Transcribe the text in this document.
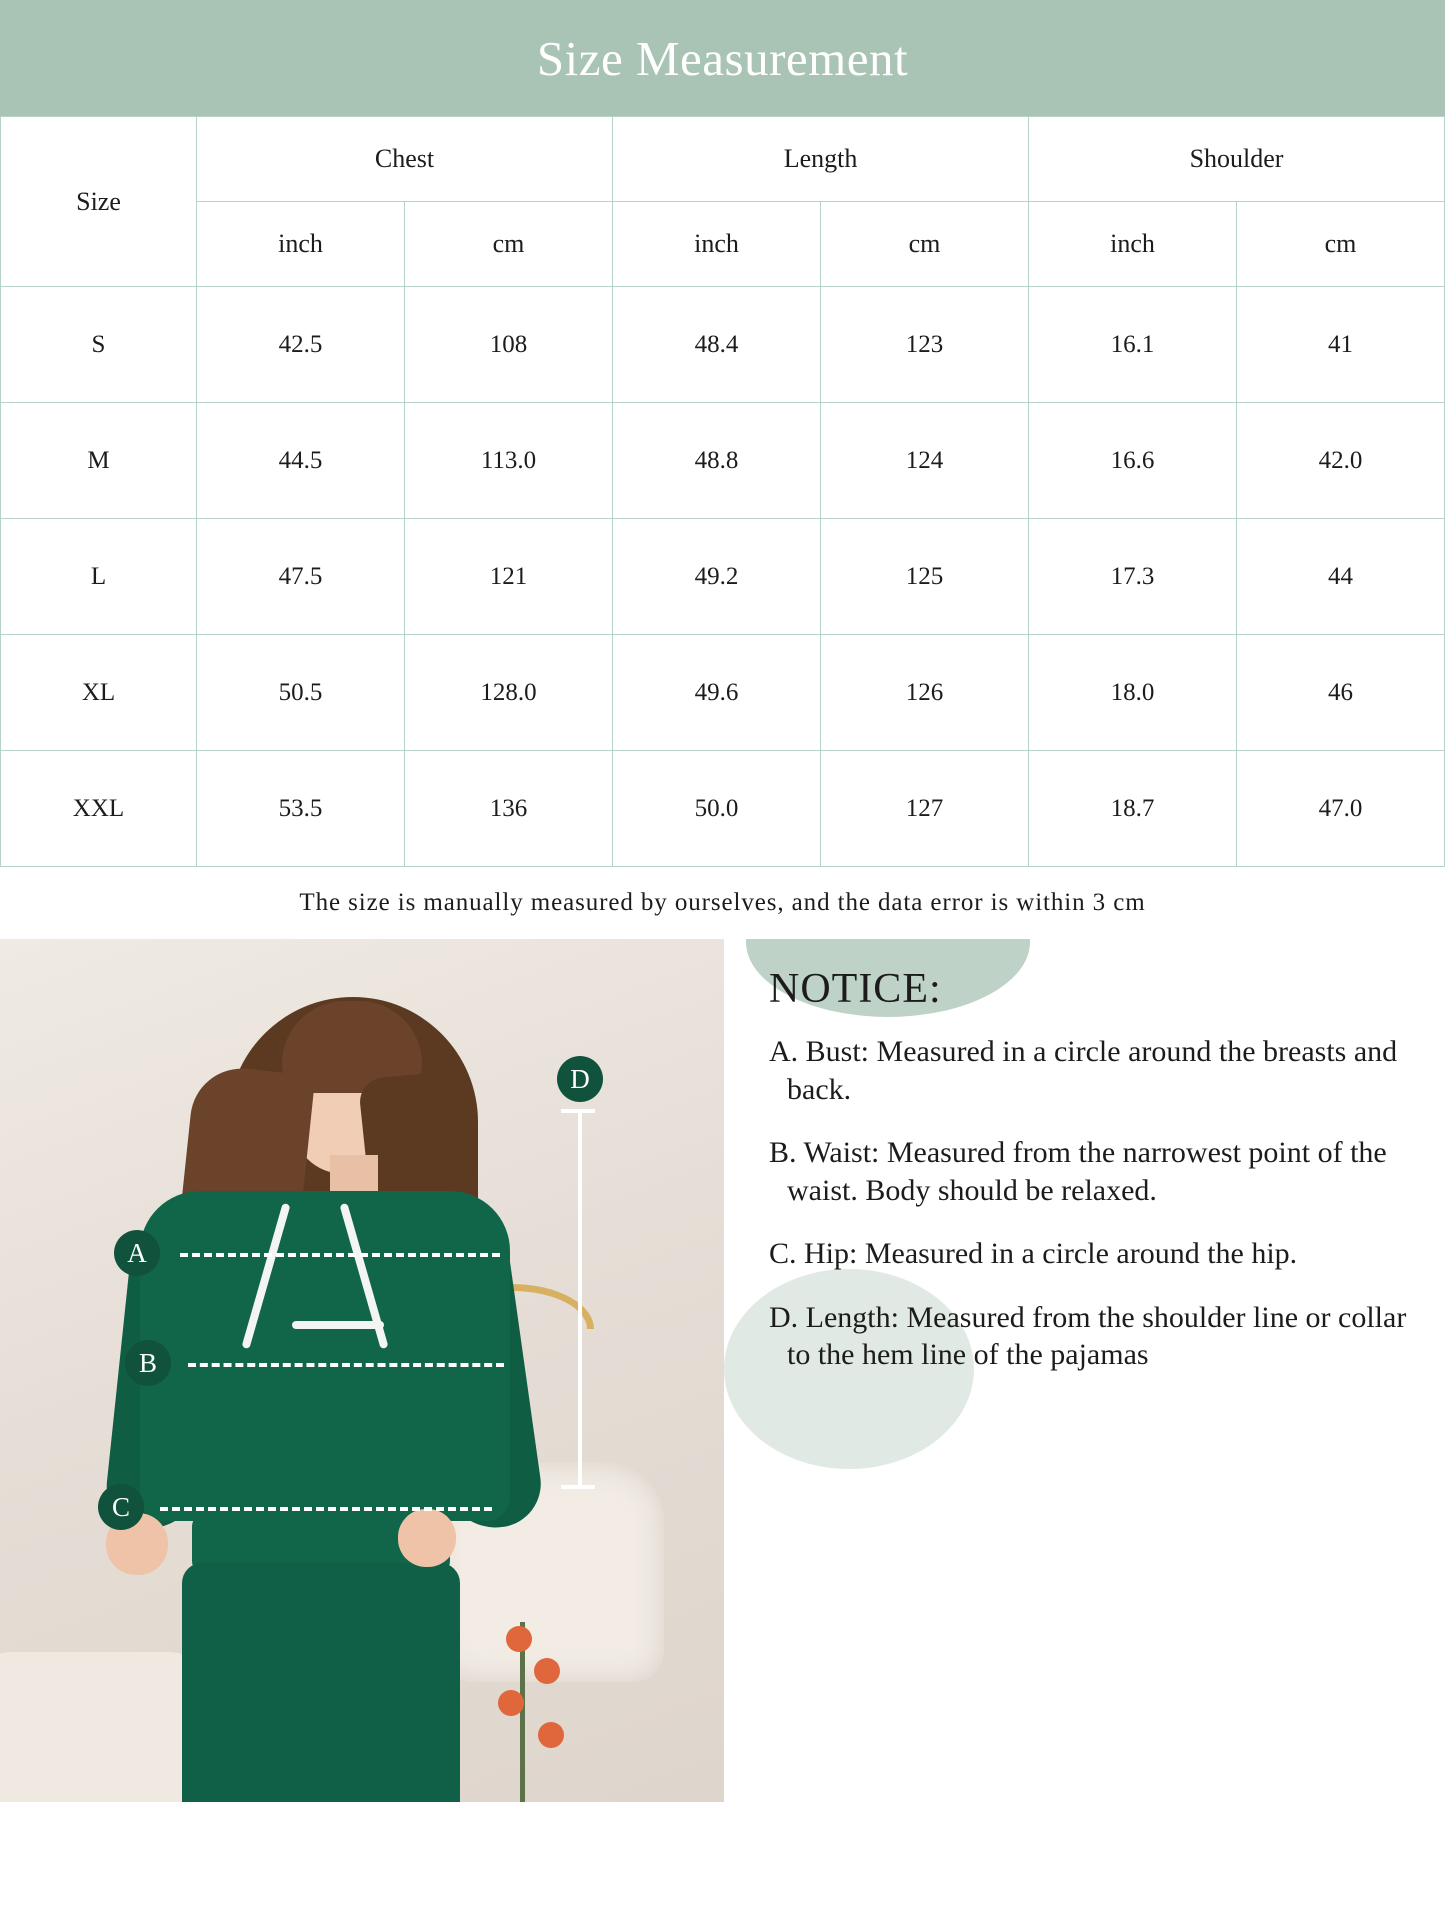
Size Measurement
Size	Chest		Length		Shoulder	
	inch	cm	inch	cm	inch	cm
S	42.5	108	48.4	123	16.1	41
M	44.5	113.0	48.8	124	16.6	42.0
L	47.5	121	49.2	125	17.3	44
XL	50.5	128.0	49.6	126	18.0	46
XXL	53.5	136	50.0	127	18.7	47.0
The size is manually measured by ourselves, and the data error is within 3 cm
A
B
D
C
NOTICE:
A. Bust: Measured in a circle around the breasts and back.
B. Waist: Measured from the narrowest point of the waist. Body should be relaxed.
C. Hip: Measured in a circle around the hip.
D. Length: Measured from the shoulder line or collar to the hem line of the pajamas
